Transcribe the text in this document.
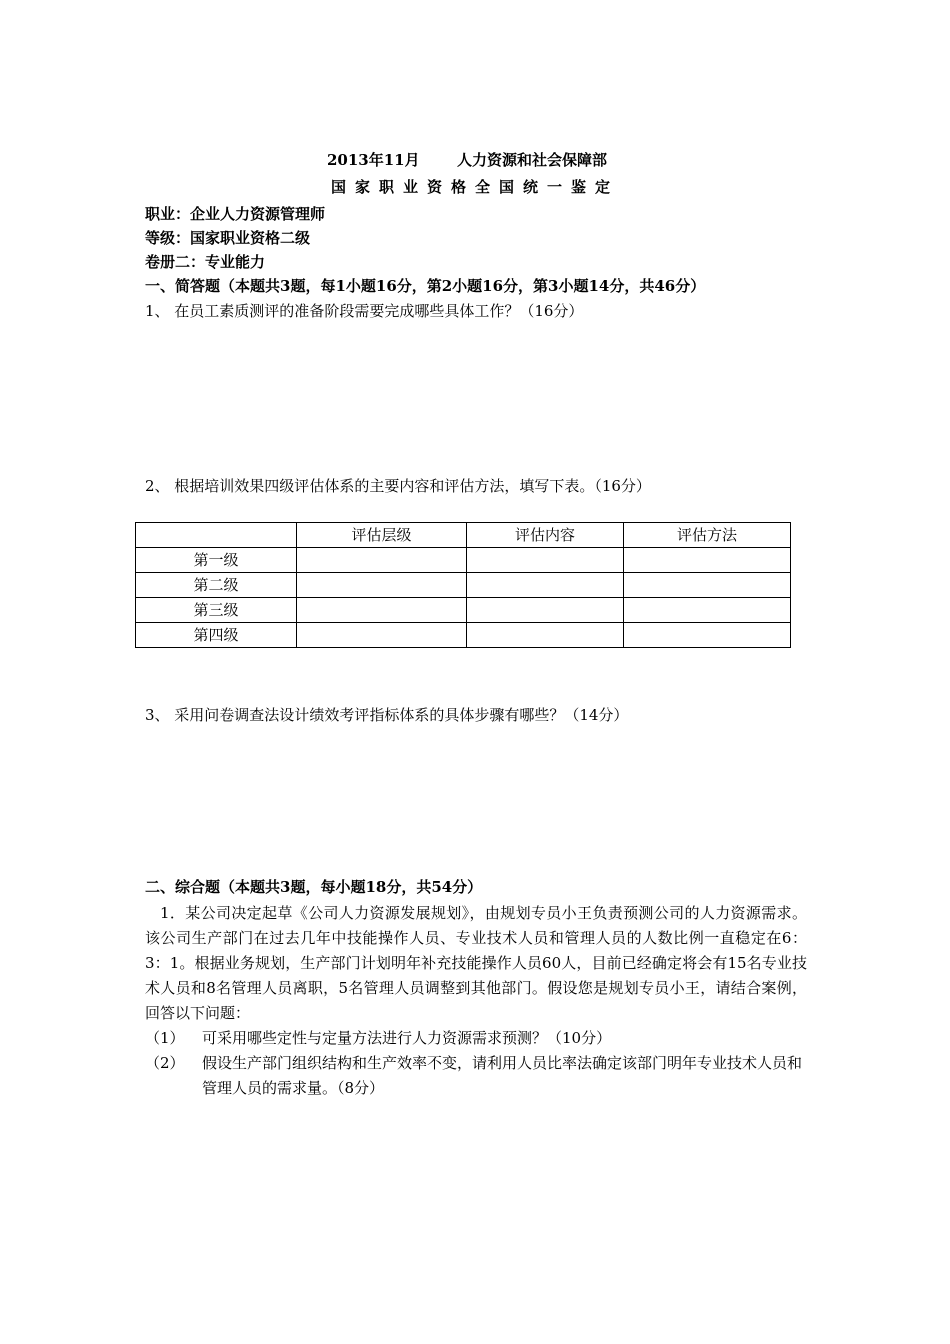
2013年11月 人力资源和社会保障部
国家职业资格全国统一鉴定
职业：企业人力资源管理师
等级：国家职业资格二级
卷册二：专业能力
一、简答题（本题共3题，每1小题16分，第2小题16分，第3小题14分，共46分）
1、 在员工素质测评的准备阶段需要完成哪些具体工作？（16分）
2、 根据培训效果四级评估体系的主要内容和评估方法，填写下表。（16分）
	评估层级	评估内容	评估方法
第一级			
第二级			
第三级			
第四级			
3、 采用问卷调查法设计绩效考评指标体系的具体步骤有哪些？（14分）
二、综合题（本题共3题，每小题18分，共54分）
1．某公司决定起草《公司人力资源发展规划》，由规划专员小王负责预测公司的人力资源需求。该公司生产部门在过去几年中技能操作人员、专业技术人员和管理人员的人数比例一直稳定在6：3：1。根据业务规划，生产部门计划明年补充技能操作人员60人，目前已经确定将会有15名专业技术人员和8名管理人员离职，5名管理人员调整到其他部门。假设您是规划专员小王，请结合案例，回答以下问题：
（1） 可采用哪些定性与定量方法进行人力资源需求预测？（10分）
（2） 假设生产部门组织结构和生产效率不变，请利用人员比率法确定该部门明年专业技术人员和管理人员的需求量。（8分）
